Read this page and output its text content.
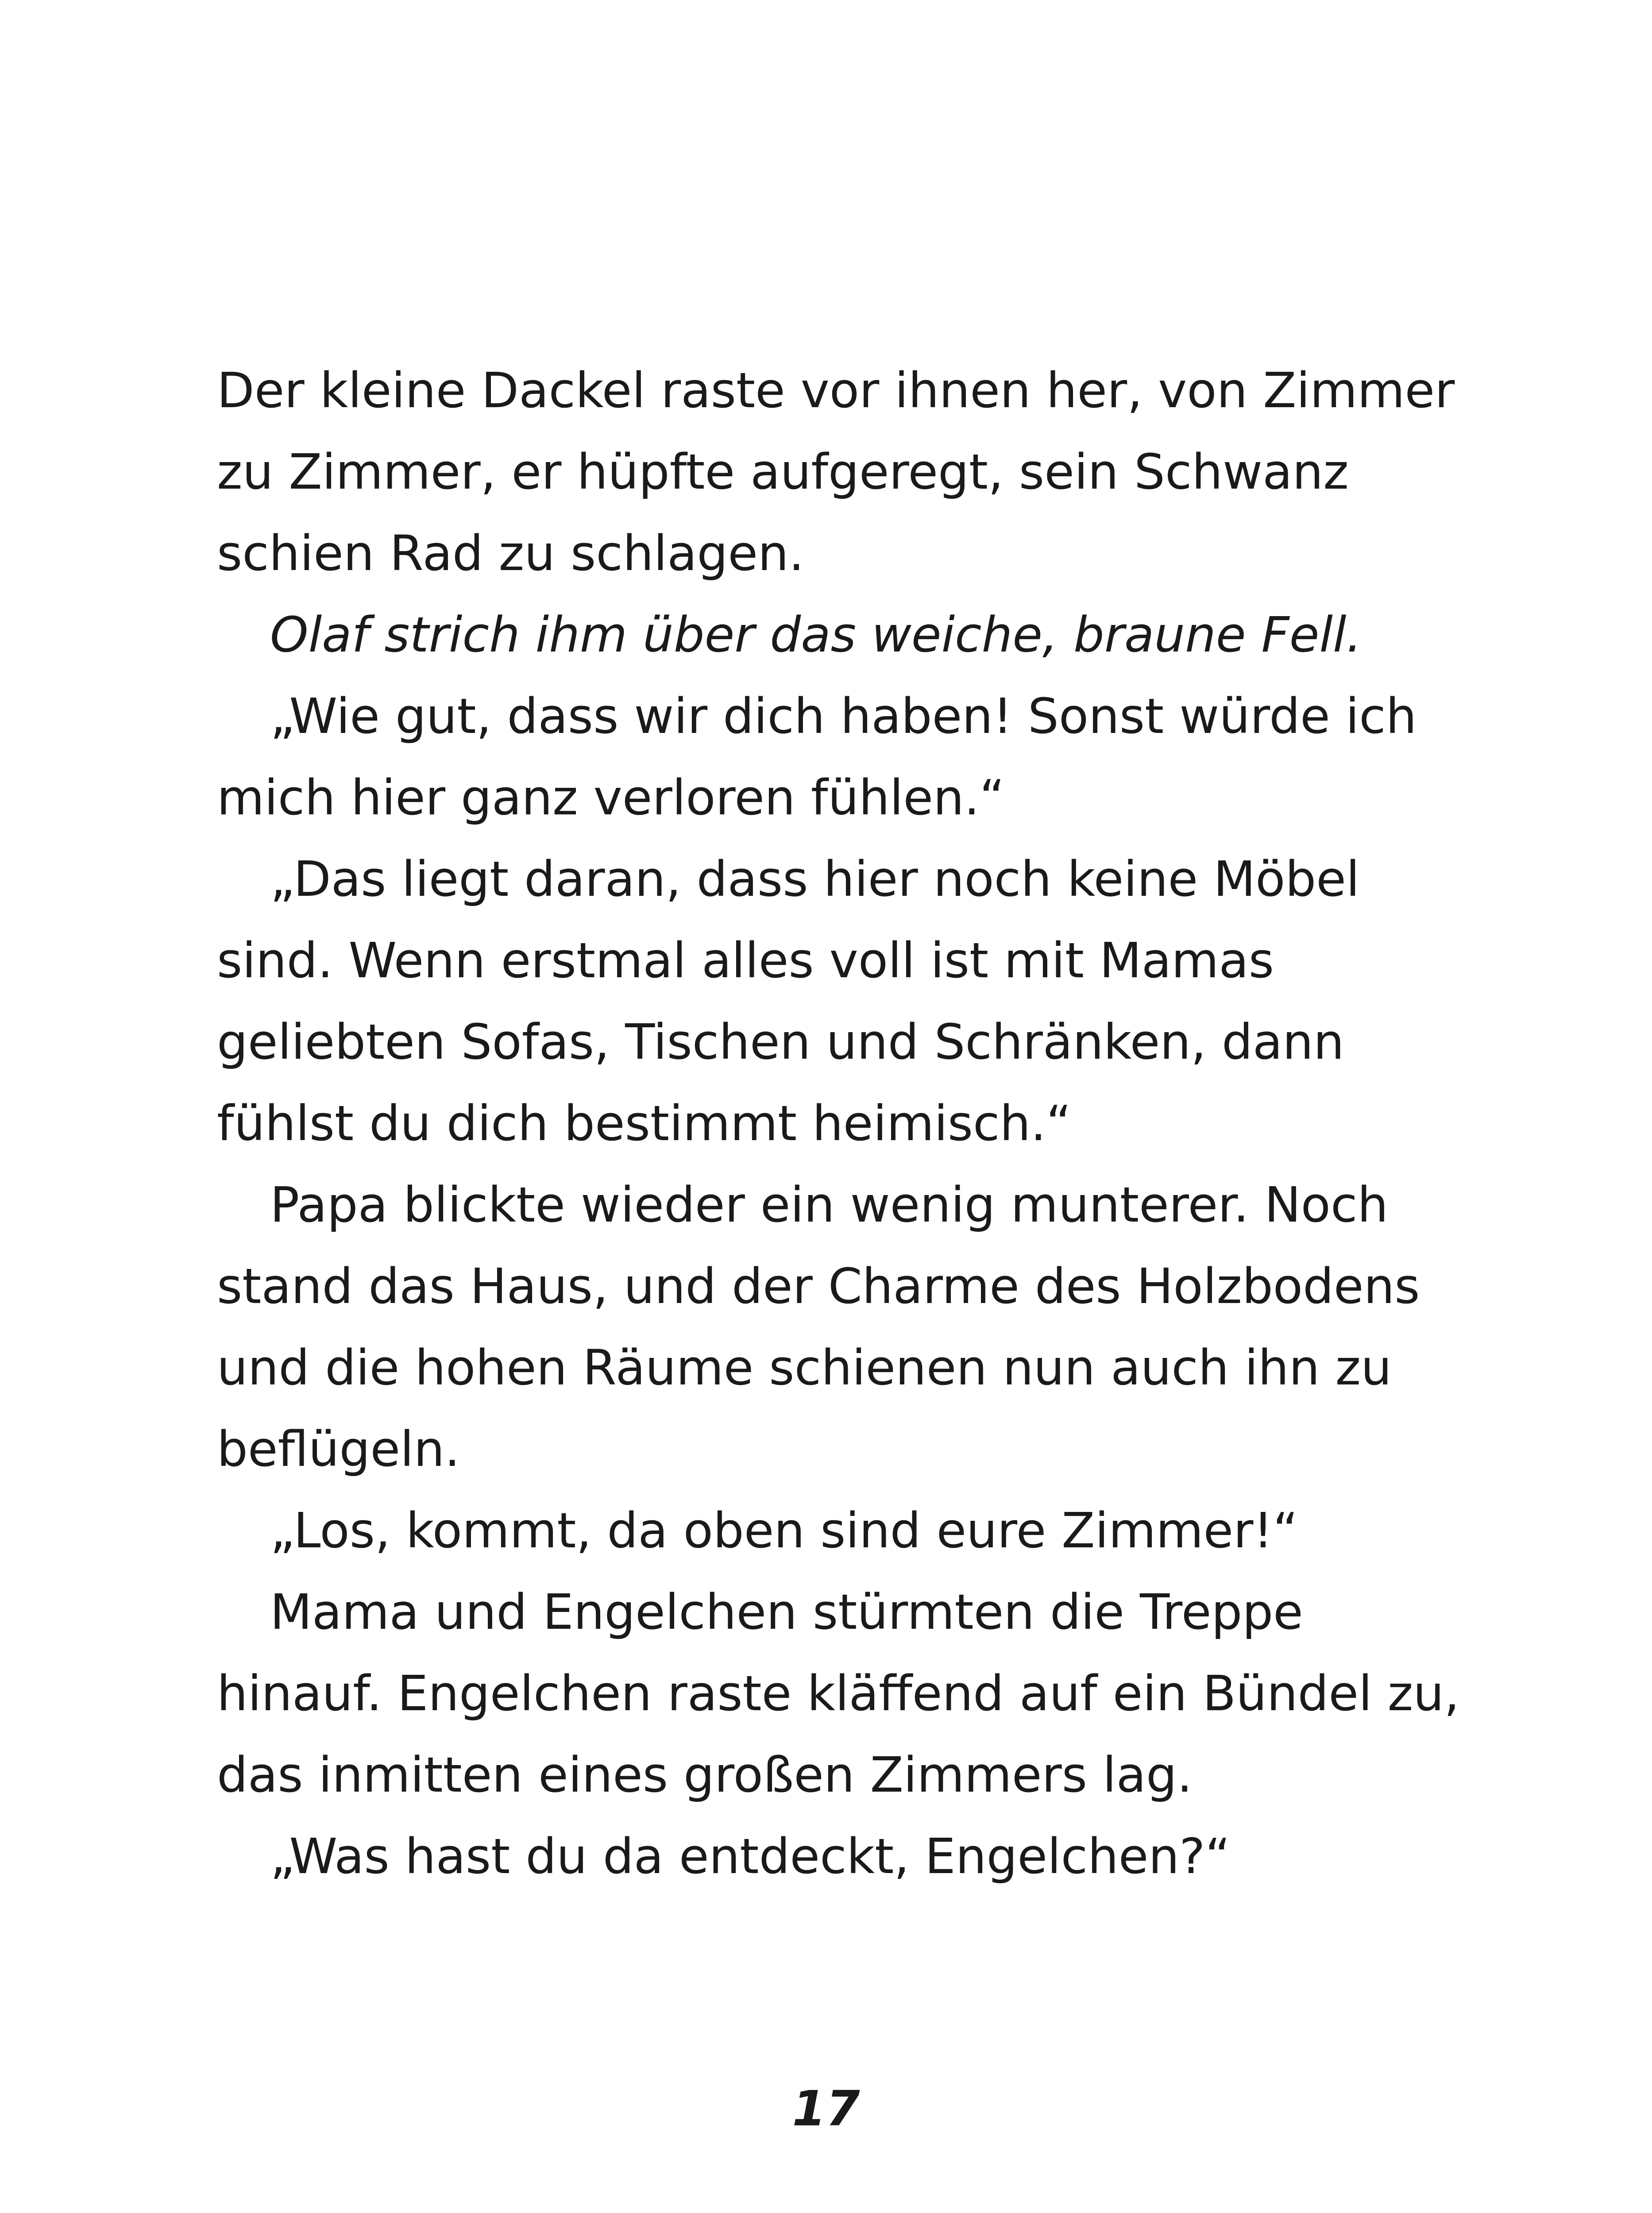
Der kleine Dackel raste vor ihnen her, von Zimmer
zu Zimmer, er hüpfte aufgeregt, sein Schwanz
schien Rad zu schlagen.
Olaf strich ihm über das weiche, braune Fell.
„Wie gut, dass wir dich haben! Sonst würde ich
mich hier ganz verloren fühlen.“
„Das liegt daran, dass hier noch keine Möbel
sind. Wenn erstmal alles voll ist mit Mamas
geliebten Sofas, Tischen und Schränken, dann
fühlst du dich bestimmt heimisch.“
Papa blickte wieder ein wenig munterer. Noch
stand das Haus, und der Charme des Holzbodens
und die hohen Räume schienen nun auch ihn zu
beflügeln.
„Los, kommt, da oben sind eure Zimmer!“
Mama und Engelchen stürmten die Treppe
hinauf. Engelchen raste kläffend auf ein Bündel zu,
das inmitten eines großen Zimmers lag.
„Was hast du da entdeckt, Engelchen?“
17
